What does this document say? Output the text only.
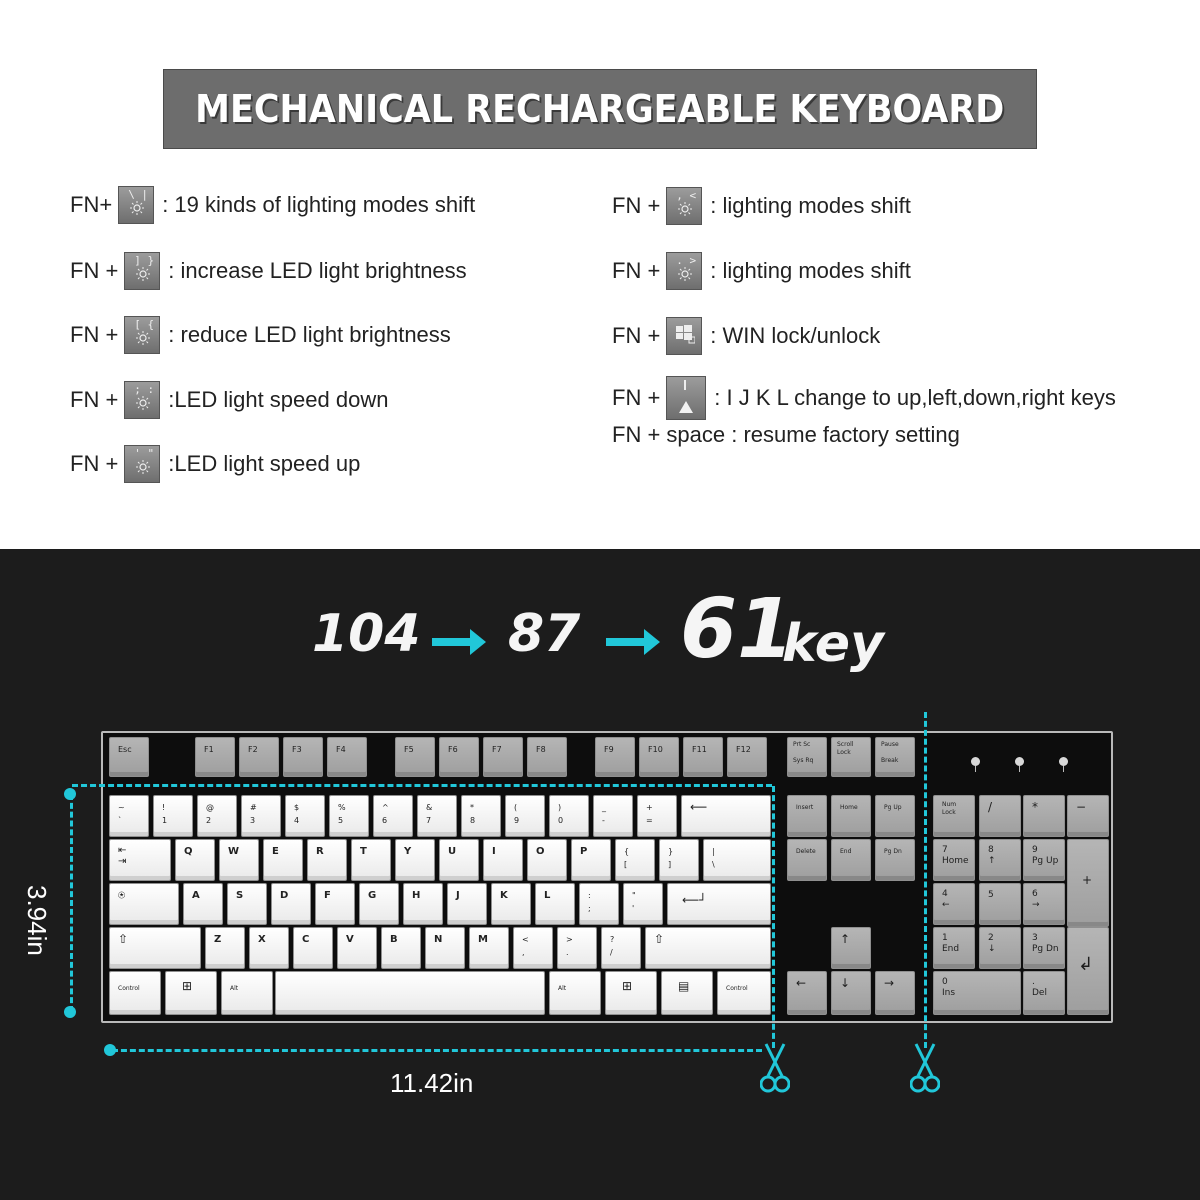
MECHANICAL RECHARGEABLE KEYBOARD
FN+ \ | : 19 kinds of lighting modes shift
FN + ] } : increase LED light brightness
FN + [ { : reduce LED light brightness
FN + ; : :LED light speed down
FN + ' " :LED light speed up
FN + , < : lighting modes shift
FN + . > : lighting modes shift
FN + : WIN lock/unlock
FN + : I J K L change to up,left,down,right keys
FN + space : resume factory setting
104 87 61
key
Esc	F1	F2	F3	F4	F5	F6	F7	F8	F9	F10	F11	F12
Prt Sc

Sys Rq
Scroll
Lock
Pause

Break
~
`
!
1
@
2
#
3
$
4
%
5
^
6
&
7
*
8
(
9
)
0
_
-
+
=
⟵	Insert	Home	Pg Up	Num
Lock	/	*	−
⇤
⇥
Q	W	E	R	T	Y	U	I	O	P	{
[
}
]
|
\
Delete	End	Pg Dn	7
Home
8
↑
9
Pg Up
+
⍟	A	S	D	F	G	H	J	K	L	:
;
"
'
⟵┘	4
←
5	6
→
⇧	Z	X	C	V	B	N	M	<
,
>
.
?
/
⇧	↑	1
End
2
↓
3
Pg Dn
↲
Control	⊞	Alt	Alt	⊞	▤	Control	←	↓	→	0
Ins
.
Del
3.94in
11.42in
